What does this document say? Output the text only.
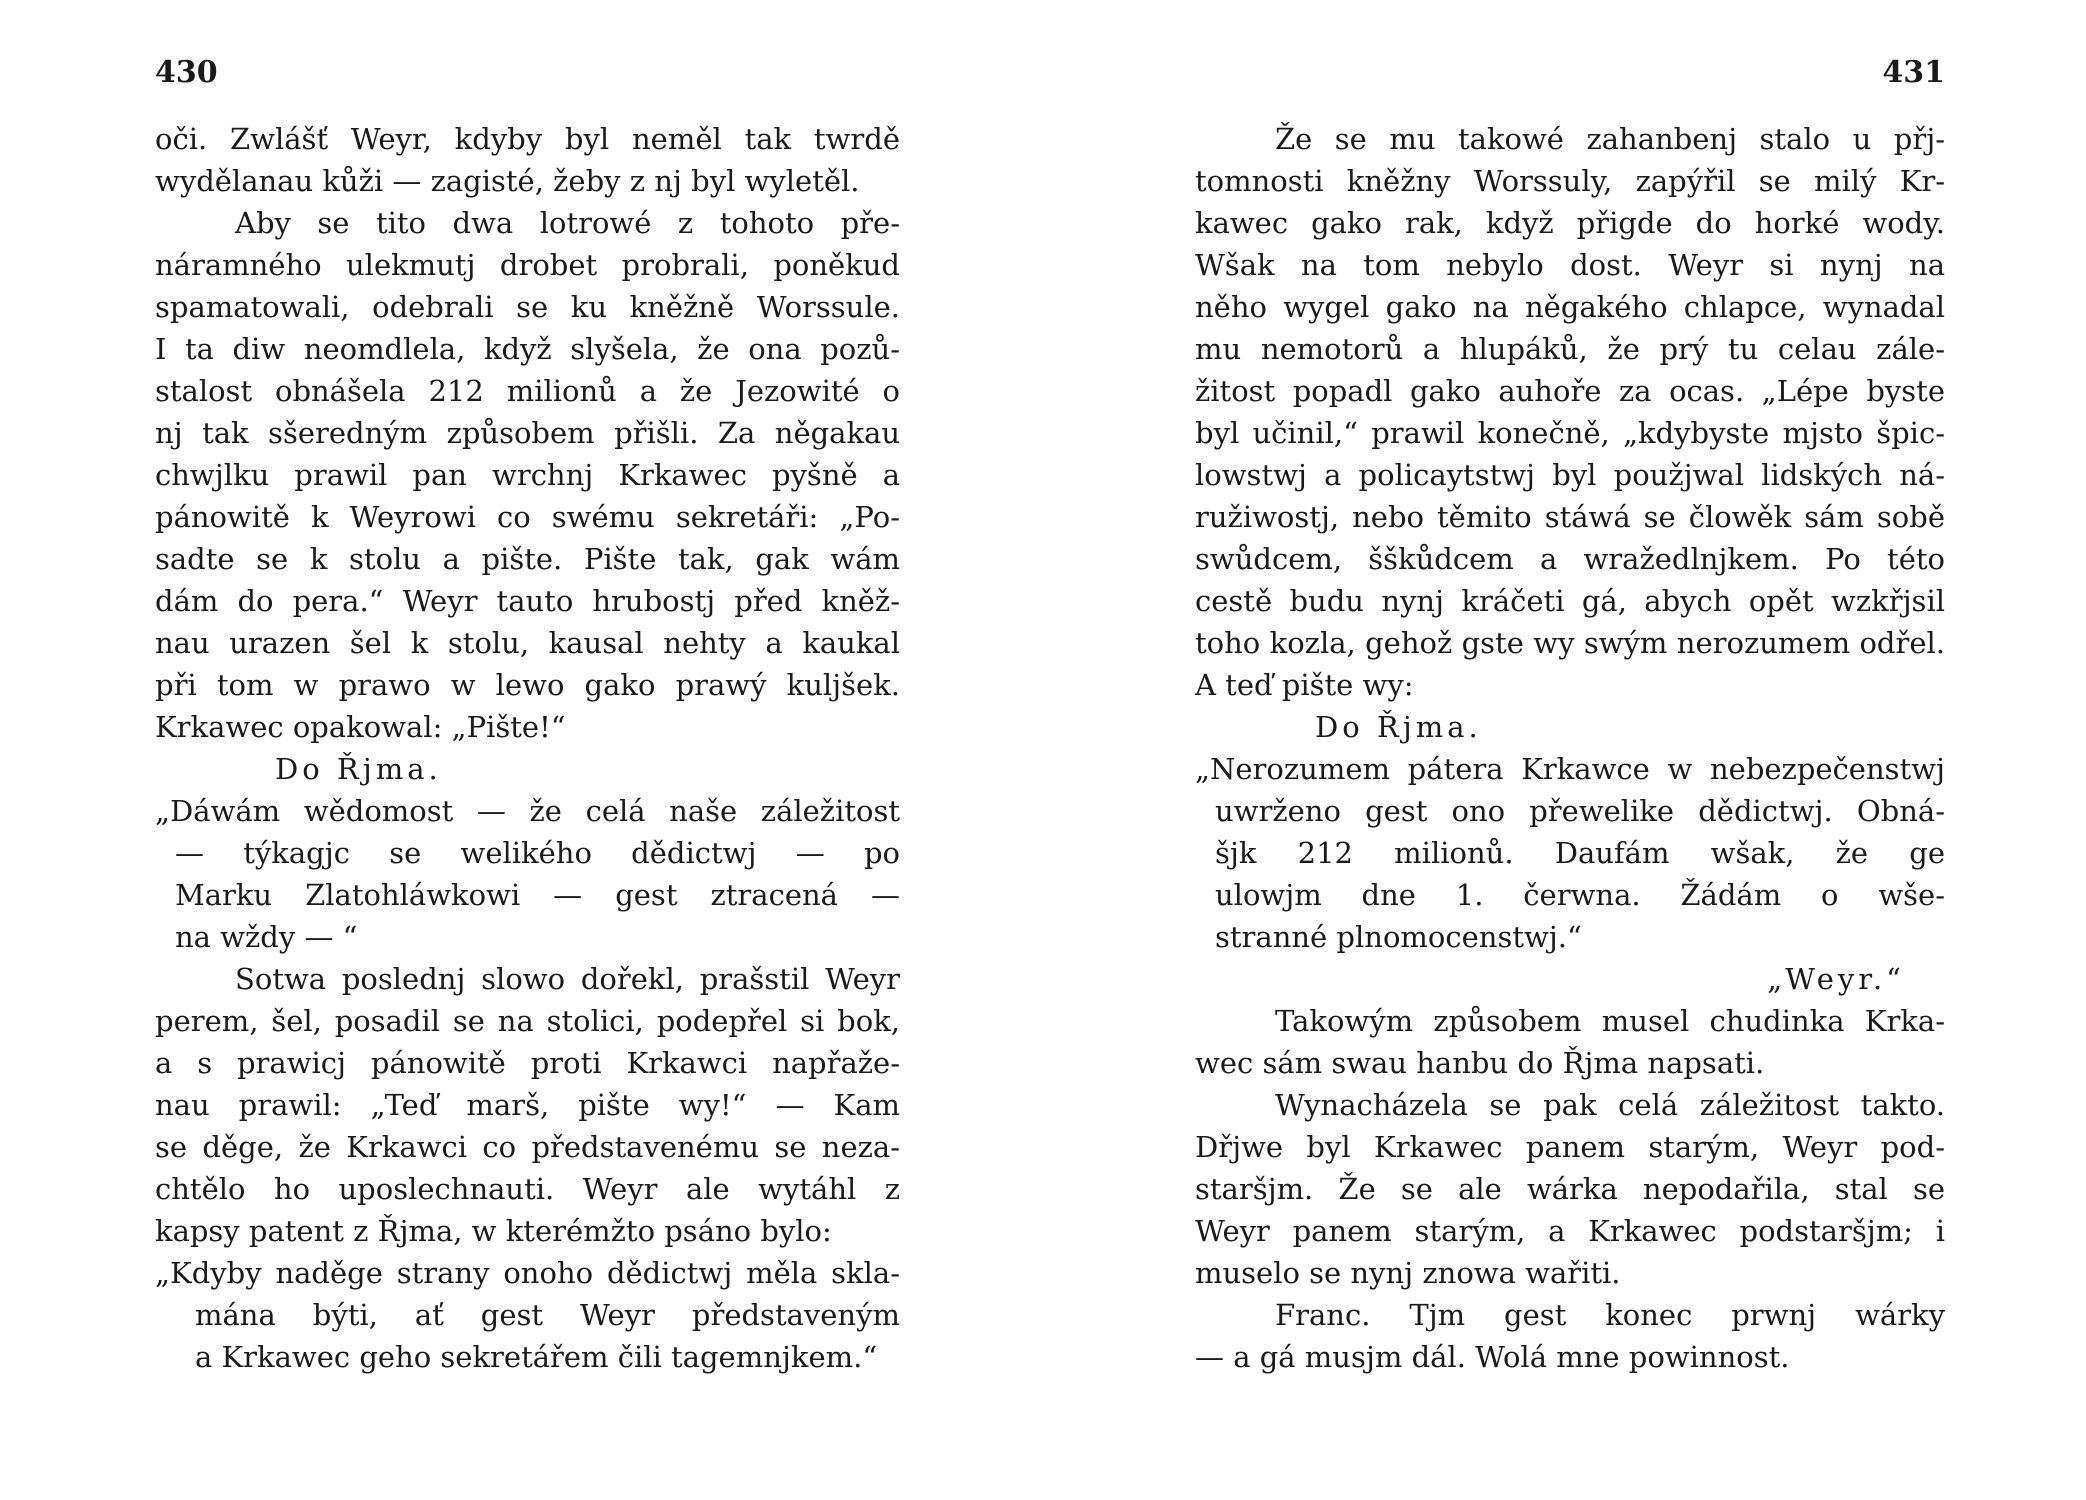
430
oči. Zwlášť Weyr, kdyby byl neměl tak twrdě
wydělanau kůži — zagisté, žeby z nj byl wyletěl.
Aby se tito dwa lotrowé z tohoto pře-
náramného ulekmutj drobet probrali, poněkud
spamatowali, odebrali se ku kněžně Worssule.
I ta diw neomdlela, když slyšela, že ona pozů-
stalost obnášela 212 milionů a že Jezowité o
nj tak sšeredným způsobem přišli. Za něgakau
chwjlku prawil pan wrchnj Krkawec pyšně a
pánowitě k Weyrowi co swému sekretáři: „Po-
sadte se k stolu a pište. Pište tak, gak wám
dám do pera.“ Weyr tauto hrubostj před kněž-
nau urazen šel k stolu, kausal nehty a kaukal
při tom w prawo w lewo gako prawý kuljšek.
Krkawec opakowal: „Pište!“
Do Řjma.
„Dáwám wědomost — že celá naše záležitost
— týkagjc se welikého dědictwj — po
Marku Zlatohláwkowi — gest ztracená —
na wždy — “
Sotwa poslednj slowo dořekl, prašstil Weyr
perem, šel, posadil se na stolici, podepřel si bok,
a s prawicj pánowitě proti Krkawci napřaže-
nau prawil: „Teď marš, pište wy!“ — Kam
se děge, že Krkawci co představenému se neza-
chtělo ho uposlechnauti. Weyr ale wytáhl z
kapsy patent z Řjma, w kterémžto psáno bylo:
„Kdyby naděge strany onoho dědictwj měla skla-
mána býti, ať gest Weyr představeným
a Krkawec geho sekretářem čili tagemnjkem.“
431
Že se mu takowé zahanbenj stalo u přj-
tomnosti kněžny Worssuly, zapýřil se milý Kr-
kawec gako rak, když přigde do horké wody.
Wšak na tom nebylo dost. Weyr si nynj na
něho wygel gako na něgakého chlapce, wynadal
mu nemotorů a hlupáků, že prý tu celau zále-
žitost popadl gako auhoře za ocas. „Lépe byste
byl učinil,“ prawil konečně, „kdybyste mjsto špic-
lowstwj a policaytstwj byl použjwal lidských ná-
ružiwostj, nebo těmito stáwá se člowěk sám sobě
swůdcem, šškůdcem a wražedlnjkem. Po této
cestě budu nynj kráčeti gá, abych opět wzkřjsil
toho kozla, gehož gste wy swým nerozumem odřel.
A teď pište wy:
Do Řjma.
„Nerozumem pátera Krkawce w nebezpečenstwj
uwrženo gest ono přewelike dědictwj. Obná-
šjk 212 milionů. Daufám wšak, že ge
ulowjm dne 1. čerwna. Žádám o wše-
stranné plnomocenstwj.“
„Weyr.“
Takowým způsobem musel chudinka Krka-
wec sám swau hanbu do Řjma napsati.
Wynacházela se pak celá záležitost takto.
Dřjwe byl Krkawec panem starým, Weyr pod-
staršjm. Že se ale wárka nepodařila, stal se
Weyr panem starým, a Krkawec podstaršjm; i
muselo se nynj znowa wařiti.
Franc. Tjm gest konec prwnj wárky
— a gá musjm dál. Wolá mne powinnost.
